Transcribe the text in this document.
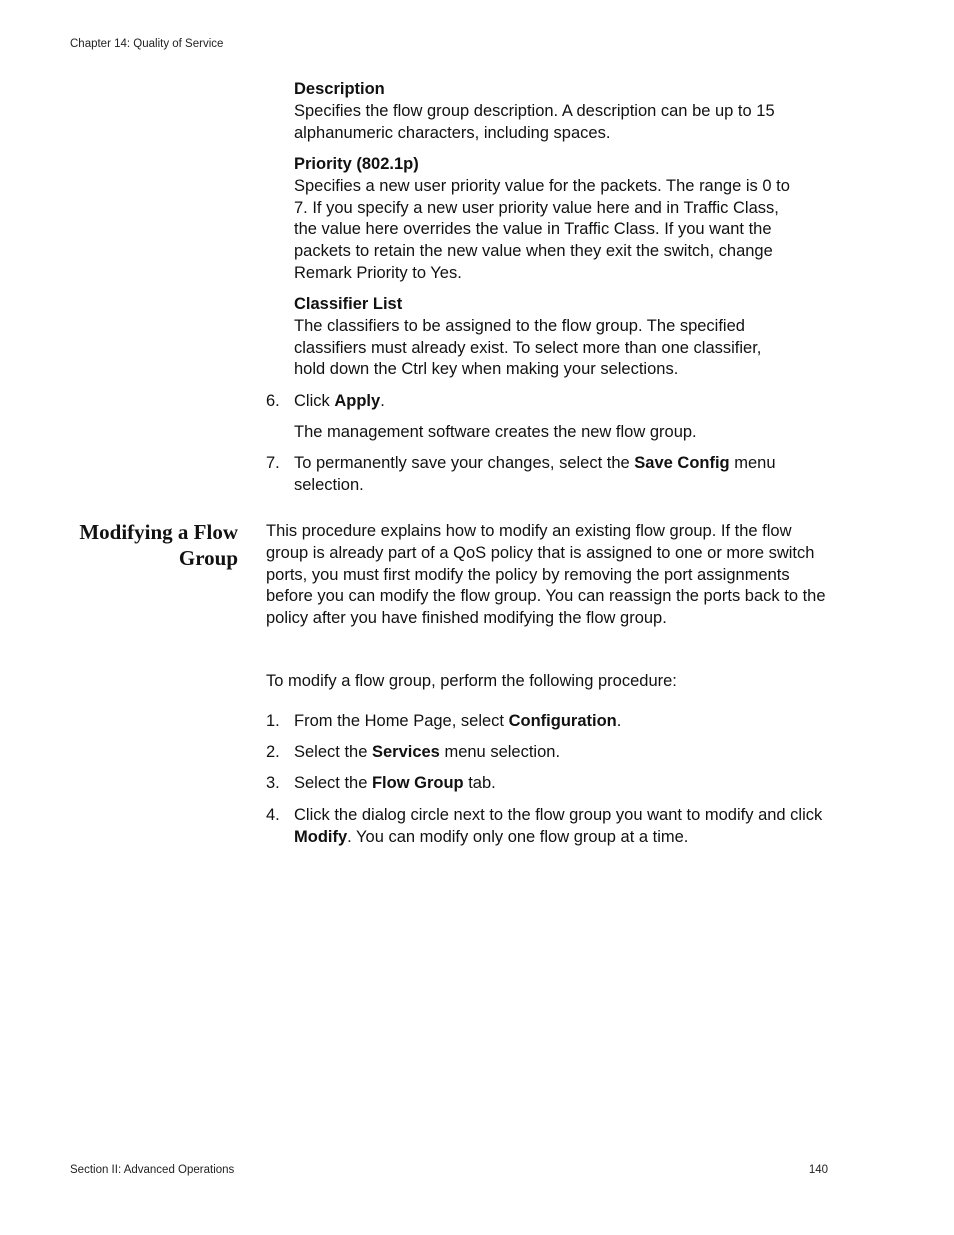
Chapter 14: Quality of Service
Description
Specifies the flow group description. A description can be up to 15 alphanumeric characters, including spaces.
Priority (802.1p)
Specifies a new user priority value for the packets. The range is 0 to 7. If you specify a new user priority value here and in Traffic Class, the value here overrides the value in Traffic Class. If you want the packets to retain the new value when they exit the switch, change Remark Priority to Yes.
Classifier List
The classifiers to be assigned to the flow group. The specified classifiers must already exist. To select more than one classifier, hold down the Ctrl key when making your selections.
6. Click Apply.
The management software creates the new flow group.
7. To permanently save your changes, select the Save Config menu selection.
Modifying a Flow
Group
This procedure explains how to modify an existing flow group. If the flow group is already part of a QoS policy that is assigned to one or more switch ports, you must first modify the policy by removing the port assignments before you can modify the flow group. You can reassign the ports back to the policy after you have finished modifying the flow group.
To modify a flow group, perform the following procedure:
1. From the Home Page, select Configuration.
2. Select the Services menu selection.
3. Select the Flow Group tab.
4. Click the dialog circle next to the flow group you want to modify and click Modify. You can modify only one flow group at a time.
Section II: Advanced Operations	140
